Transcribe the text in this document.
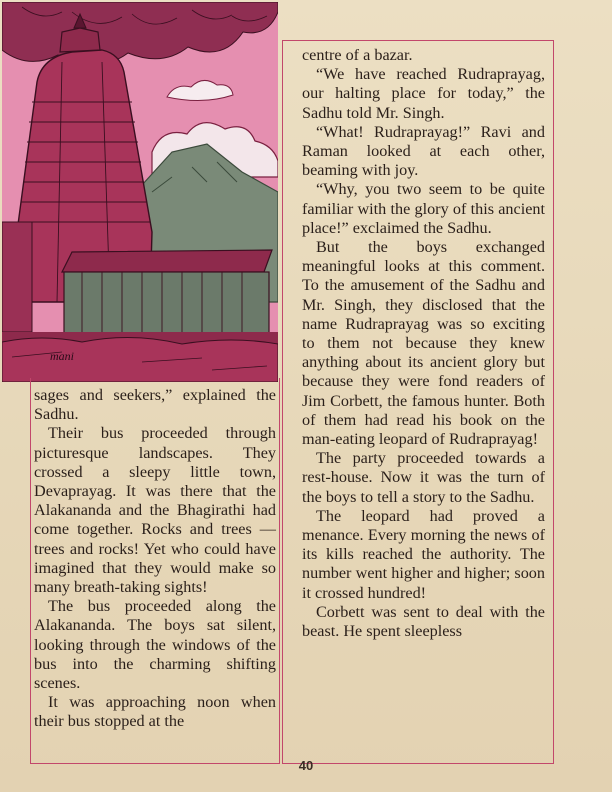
mani

sages and seekers,” explained the Sadhu.

Their bus proceeded through picturesque landscapes. They crossed a sleepy little town, Devaprayag. It was there that the Alakananda and the Bhagirathi had come together. Rocks and trees — trees and rocks! Yet who could have imagined that they would make so many breath-taking sights!

The bus proceeded along the Alakananda. The boys sat silent, looking through the windows of the bus into the charming shifting scenes.

It was approaching noon when their bus stopped at the

centre of a bazar.

“We have reached Rudraprayag, our halting place for today,” the Sadhu told Mr. Singh.

“What! Rudraprayag!” Ravi and Raman looked at each other, beaming with joy.

“Why, you two seem to be quite familiar with the glory of this ancient place!” exclaimed the Sadhu.

But the boys exchanged meaningful looks at this comment. To the amusement of the Sadhu and Mr. Singh, they disclosed that the name Rudraprayag was so exciting to them not because they knew anything about its ancient glory but because they were fond readers of Jim Corbett, the famous hunter. Both of them had read his book on the man-eating leopard of Rudraprayag!

The party proceeded towards a rest-house. Now it was the turn of the boys to tell a story to the Sadhu.

The leopard had proved a menance. Every morning the news of its kills reached the authority. The number went higher and higher; soon it crossed hundred!

Corbett was sent to deal with the beast. He spent sleepless

40
